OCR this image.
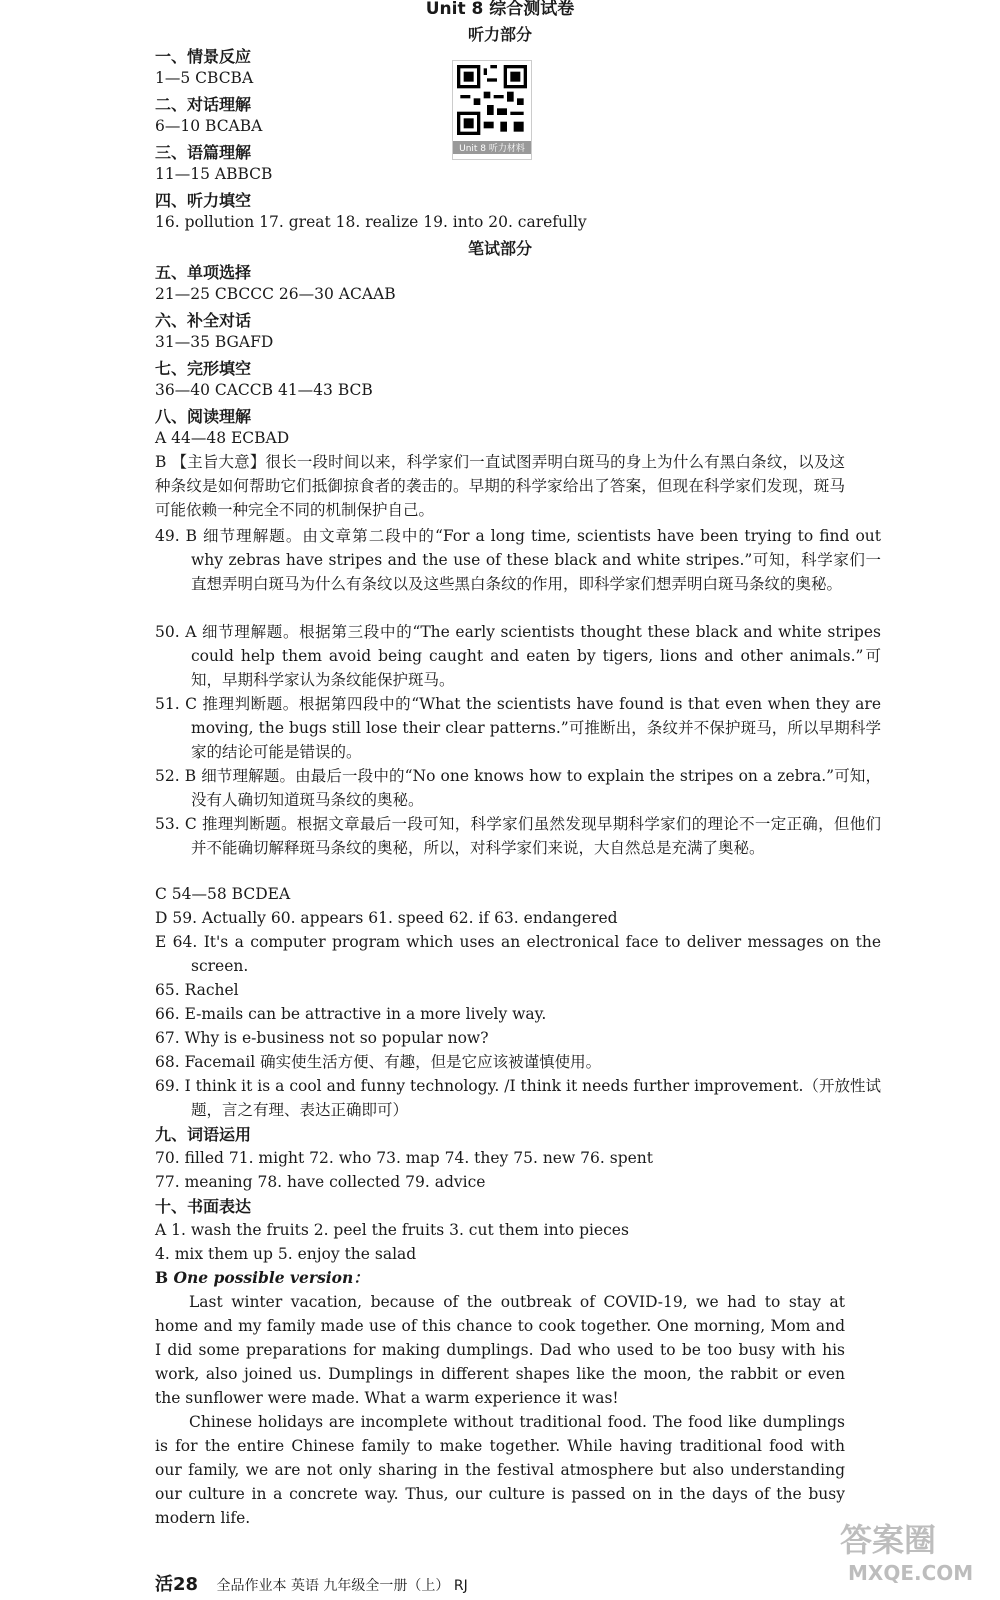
Unit 8 综合测试卷
听力部分
Unit 8 听力材料
一、情景反应
1—5 CBCBA
二、对话理解
6—10 BCABA
三、语篇理解
11—15 ABBCB
四、听力填空
16. pollution 17. great 18. realize 19. into 20. carefully
笔试部分
五、单项选择
21—25 CBCCC 26—30 ACAAB
六、补全对话
31—35 BGAFD
七、完形填空
36—40 CACCB 41—43 BCB
八、阅读理解
A 44—48 ECBAD
B 【主旨大意】很长一段时间以来，科学家们一直试图弄明白斑马的身上为什么有黑白条纹，以及这种条纹是如何帮助它们抵御掠食者的袭击的。早期的科学家给出了答案，但现在科学家们发现，斑马可能依赖一种完全不同的机制保护自己。
49. B 细节理解题。由文章第二段中的“For a long time, scientists have been trying to find out why zebras have stripes and the use of these black and white stripes.”可知，科学家们一直想弄明白斑马为什么有条纹以及这些黑白条纹的作用，即科学家们想弄明白斑马条纹的奥秘。
50. A 细节理解题。根据第三段中的“The early scientists thought these black and white stripes could help them avoid being caught and eaten by tigers, lions and other animals.”可知，早期科学家认为条纹能保护斑马。
51. C 推理判断题。根据第四段中的“What the scientists have found is that even when they are moving, the bugs still lose their clear patterns.”可推断出，条纹并不保护斑马，所以早期科学家的结论可能是错误的。
52. B 细节理解题。由最后一段中的“No one knows how to explain the stripes on a zebra.”可知，没有人确切知道斑马条纹的奥秘。
53. C 推理判断题。根据文章最后一段可知，科学家们虽然发现早期科学家们的理论不一定正确，但他们并不能确切解释斑马条纹的奥秘，所以，对科学家们来说，大自然总是充满了奥秘。
C 54—58 BCDEA
D 59. Actually 60. appears 61. speed 62. if 63. endangered
E 64. It's a computer program which uses an electronical face to deliver messages on the screen.
65. Rachel
66. E-mails can be attractive in a more lively way.
67. Why is e-business not so popular now?
68. Facemail 确实使生活方便、有趣，但是它应该被谨慎使用。
69. I think it is a cool and funny technology. /I think it needs further improvement.（开放性试题，言之有理、表达正确即可）
九、词语运用
70. filled 71. might 72. who 73. map 74. they 75. new 76. spent
77. meaning 78. have collected 79. advice
十、书面表达
A 1. wash the fruits 2. peel the fruits 3. cut them into pieces
4. mix them up 5. enjoy the salad
B One possible version：
Last winter vacation, because of the outbreak of COVID-19, we had to stay at home and my family made use of this chance to cook together. One morning, Mom and I did some preparations for making dumplings. Dad who used to be too busy with his work, also joined us. Dumplings in different shapes like the moon, the rabbit or even the sunflower were made. What a warm experience it was!
Chinese holidays are incomplete without traditional food. The food like dumplings is for the entire Chinese family to make together. While having traditional food with our family, we are not only sharing in the festival atmosphere but also understanding our culture in a concrete way. Thus, our culture is passed on in the days of the busy modern life.
活28 全品作业本 英语 九年级全一册（上） RJ
答案圈
MXQE.COM
